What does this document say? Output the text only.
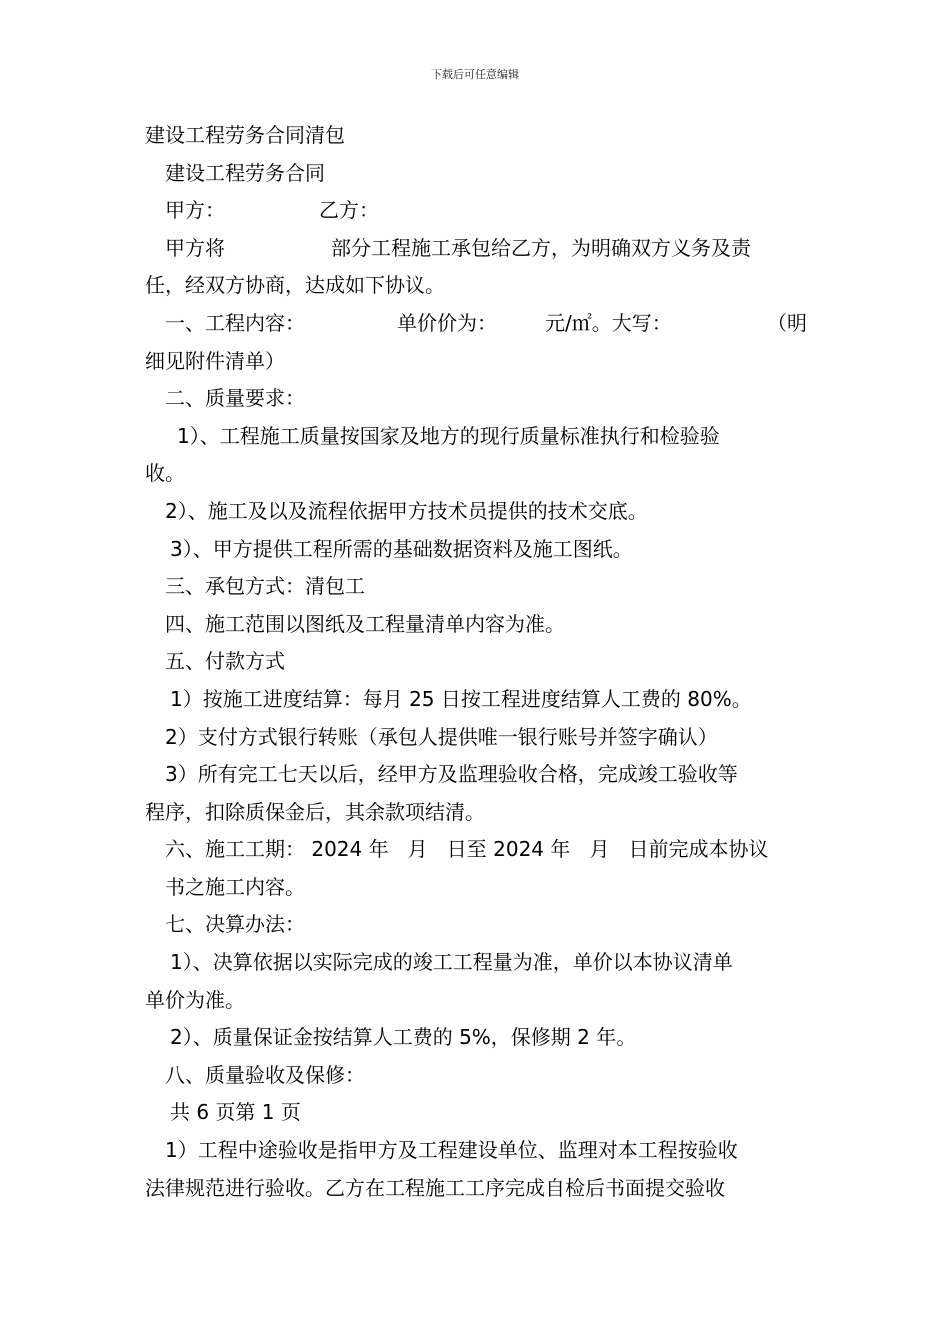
下载后可任意编辑
建设工程劳务合同清包
建设工程劳务合同
甲方：	乙方：
甲方将	部分工程施工承包给乙方，为明确双方义务及责
任，经双方协商，达成如下协议。
一、工程内容：	单价价为： 元/㎡。大写：	（明
细见附件清单）
二、质量要求：
1）、工程施工质量按国家及地方的现行质量标准执行和检验验
收。
2）、施工及以及流程依据甲方技术员提供的技术交底。
3）、甲方提供工程所需的基础数据资料及施工图纸。
三、承包方式：清包工
四、施工范围以图纸及工程量清单内容为准。
五、付款方式
1）按施工进度结算：每月 25 日按工程进度结算人工费的 80%。
2）支付方式银行转账（承包人提供唯一银行账号并签字确认）
3）所有完工七天以后，经甲方及监理验收合格，完成竣工验收等
程序，扣除质保金后，其余款项结清。
六、施工工期： 2024 年   月   日至 2024 年   月   日前完成本协议
书之施工内容。
七、决算办法：
1）、决算依据以实际完成的竣工工程量为准，单价以本协议清单
单价为准。
2）、质量保证金按结算人工费的 5%，保修期 2 年。
八、质量验收及保修：
共 6 页第 1 页
1）工程中途验收是指甲方及工程建设单位、监理对本工程按验收
法律规范进行验收。乙方在工程施工工序完成自检后书面提交验收
